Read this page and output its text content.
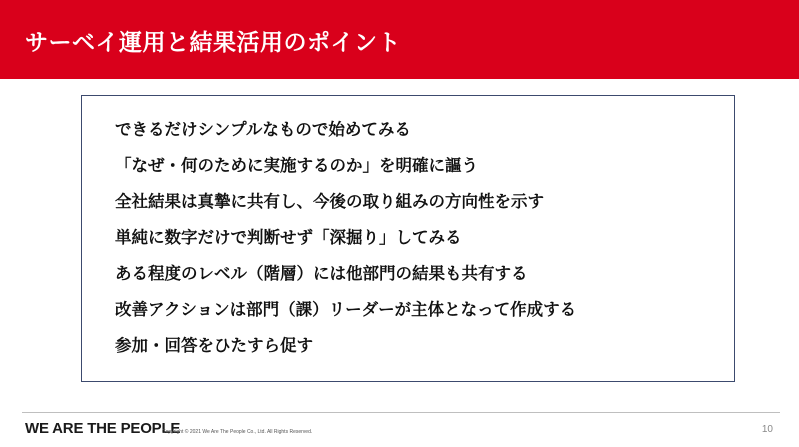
サーベイ運用と結果活用のポイント
できるだけシンプルなもので始めてみる
「なぜ・何のために実施するのか」を明確に謳う
全社結果は真摯に共有し、今後の取り組みの方向性を示す
単純に数字だけで判断せず「深掘り」してみる
ある程度のレベル（階層）には他部門の結果も共有する
改善アクションは部門（課）リーダーが主体となって作成する
参加・回答をひたすら促す
WE ARE THE PEOPLE
Copyright © 2021 We Are The People Co., Ltd. All Rights Reserved.	10
